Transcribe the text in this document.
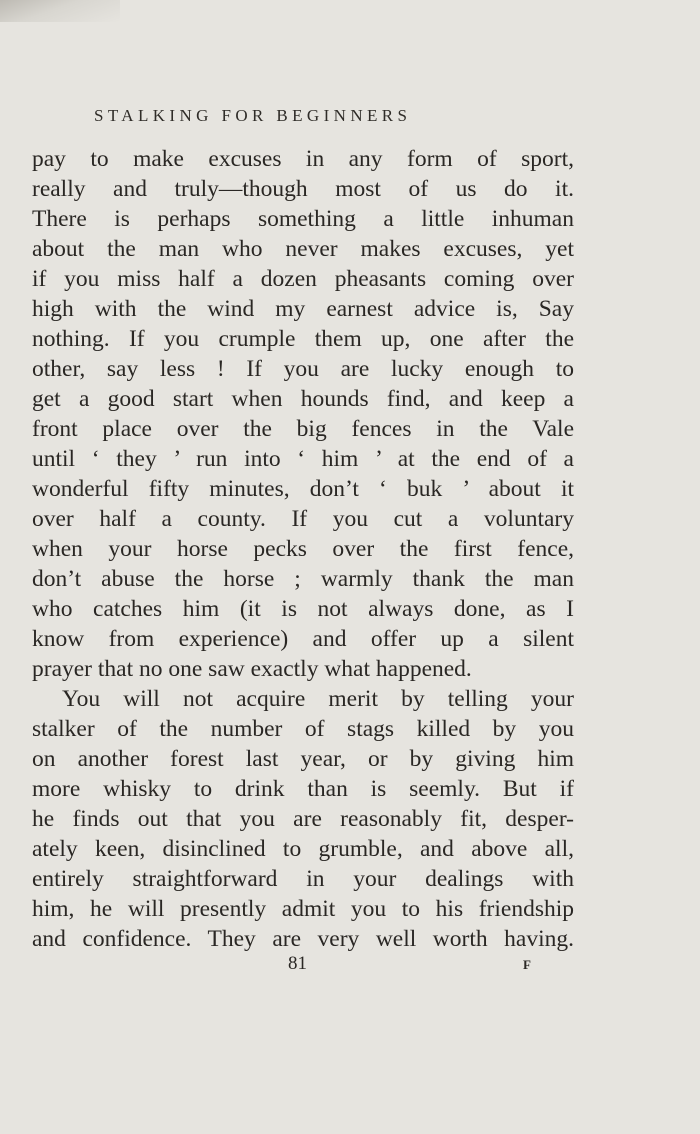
STALKING FOR BEGINNERS
pay to make excuses in any form of sport,
really and truly—though most of us do it.
There is perhaps something a little inhuman
about the man who never makes excuses, yet
if you miss half a dozen pheasants coming over
high with the wind my earnest advice is, Say
nothing. If you crumple them up, one after the
other, say less ! If you are lucky enough to
get a good start when hounds find, and keep a
front place over the big fences in the Vale
until ‘ they ’ run into ‘ him ’ at the end of a
wonderful fifty minutes, don’t ‘ buk ’ about it
over half a county. If you cut a voluntary
when your horse pecks over the first fence,
don’t abuse the horse ; warmly thank the man
who catches him (it is not always done, as I
know from experience) and offer up a silent
prayer that no one saw exactly what happened.
You will not acquire merit by telling your
stalker of the number of stags killed by you
on another forest last year, or by giving him
more whisky to drink than is seemly. But if
he finds out that you are reasonably fit, desper-
ately keen, disinclined to grumble, and above all,
entirely straightforward in your dealings with
him, he will presently admit you to his friendship
and confidence. They are very well worth having.
81	F
